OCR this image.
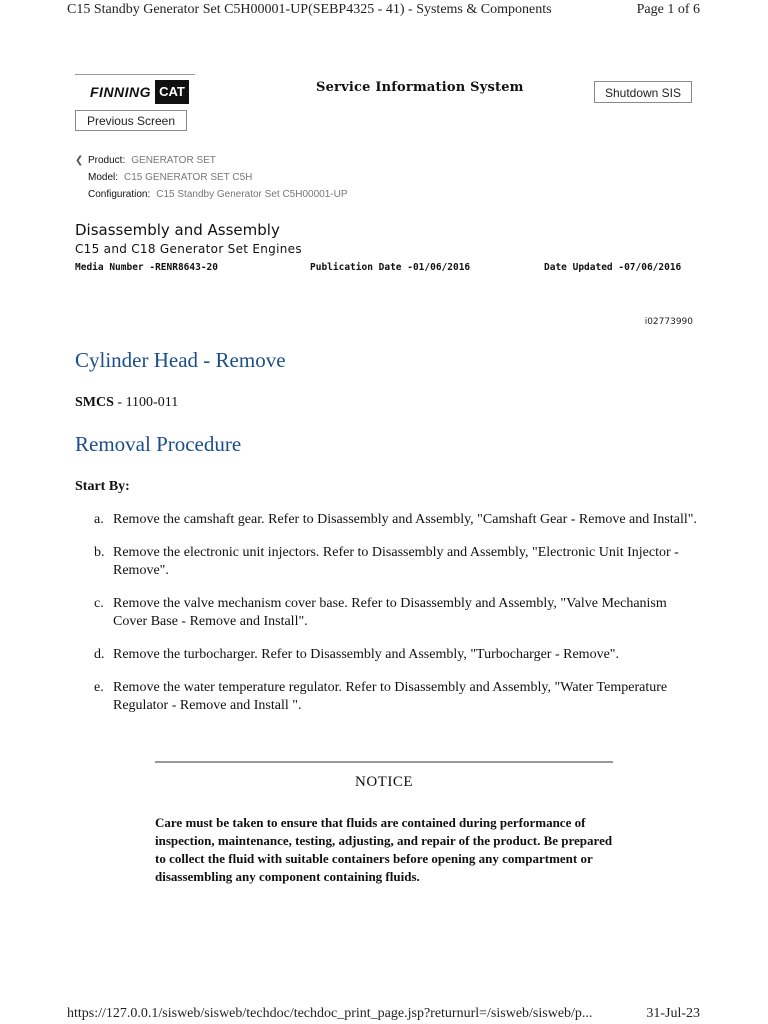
C15 Standby Generator Set C5H00001-UP(SEBP4325 - 41) - Systems & Components	Page 1 of 6
FINNING CAT	Service Information System	Shutdown SIS
Previous Screen
❮ Product: GENERATOR SET
Model: C15 GENERATOR SET C5H
Configuration: C15 Standby Generator Set C5H00001-UP
Disassembly and Assembly
C15 and C18 Generator Set Engines
Media Number -RENR8643-20	Publication Date -01/06/2016	Date Updated -07/06/2016
i02773990
Cylinder Head - Remove
SMCS - 1100-011
Removal Procedure
Start By:
a. Remove the camshaft gear. Refer to Disassembly and Assembly, "Camshaft Gear - Remove and Install".
b. Remove the electronic unit injectors. Refer to Disassembly and Assembly, "Electronic Unit Injector - Remove".
c. Remove the valve mechanism cover base. Refer to Disassembly and Assembly, "Valve Mechanism Cover Base - Remove and Install".
d. Remove the turbocharger. Refer to Disassembly and Assembly, "Turbocharger - Remove".
e. Remove the water temperature regulator. Refer to Disassembly and Assembly, "Water Temperature Regulator - Remove and Install ".
NOTICE
Care must be taken to ensure that fluids are contained during performance of inspection, maintenance, testing, adjusting, and repair of the product. Be prepared to collect the fluid with suitable containers before opening any compartment or disassembling any component containing fluids.
https://127.0.0.1/sisweb/sisweb/techdoc/techdoc_print_page.jsp?returnurl=/sisweb/sisweb/p...	31-Jul-23
